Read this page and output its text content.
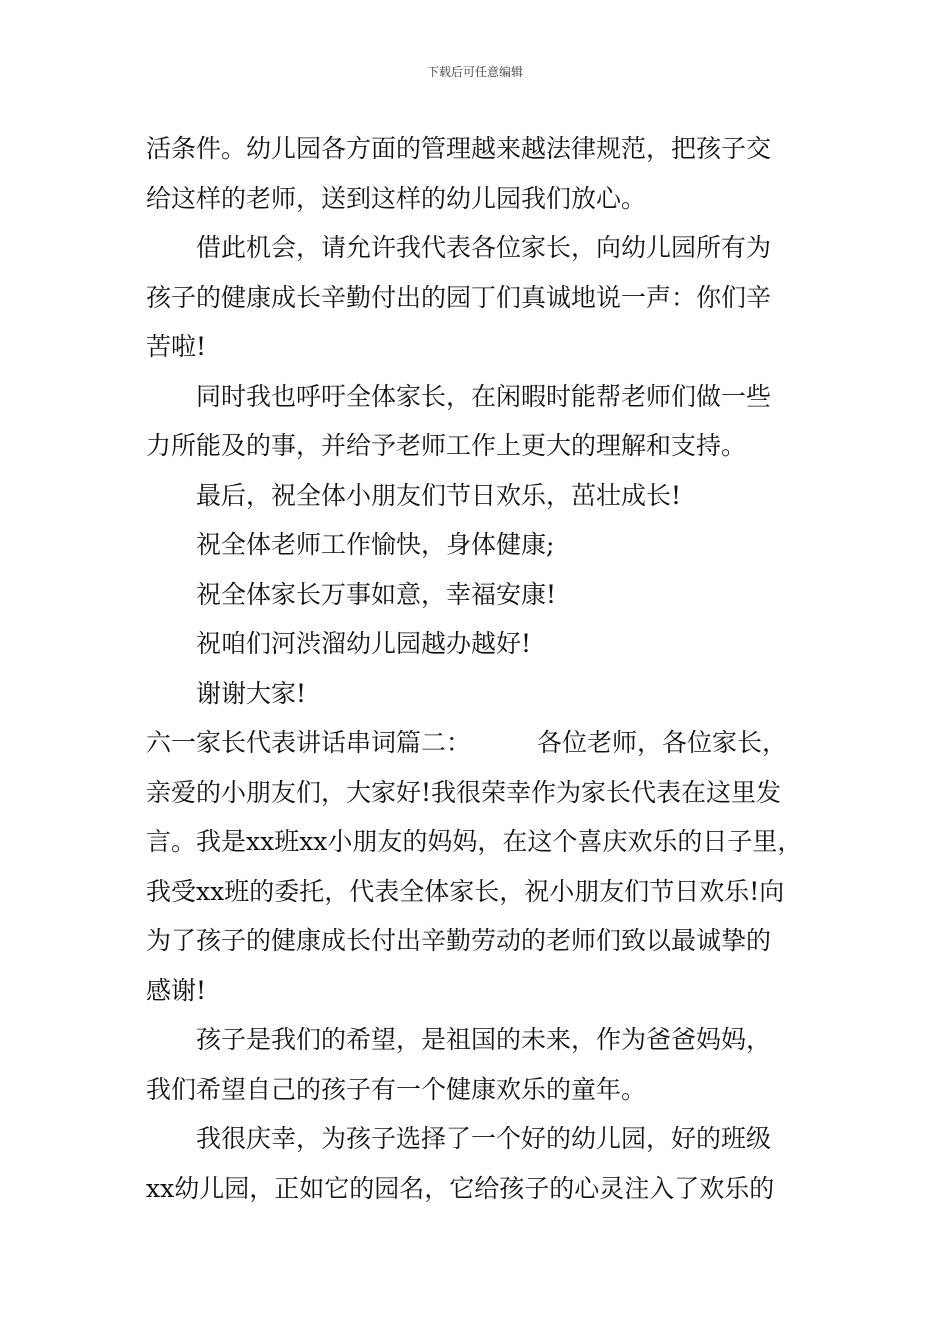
下载后可任意编辑
活条件。幼儿园各方面的管理越来越法律规范，把孩子交
给这样的老师，送到这样的幼儿园我们放心。
借此机会，请允许我代表各位家长，向幼儿园所有为
孩子的健康成长辛勤付出的园丁们真诚地说一声：你们辛
苦啦!
同时我也呼吁全体家长，在闲暇时能帮老师们做一些
力所能及的事，并给予老师工作上更大的理解和支持。
最后，祝全体小朋友们节日欢乐，茁壮成长!
祝全体老师工作愉快，身体健康;
祝全体家长万事如意，幸福安康!
祝咱们河渋溜幼儿园越办越好!
谢谢大家!
六一家长代表讲话串词篇二：	各位老师，各位家长，
亲爱的小朋友们，大家好!我很荣幸作为家长代表在这里发
言。我是xx班xx小朋友的妈妈，在这个喜庆欢乐的日子里，
我受xx班的委托，代表全体家长，祝小朋友们节日欢乐!向
为了孩子的健康成长付出辛勤劳动的老师们致以最诚挚的
感谢!
孩子是我们的希望，是祖国的未来，作为爸爸妈妈，
我们希望自己的孩子有一个健康欢乐的童年。
我很庆幸，为孩子选择了一个好的幼儿园，好的班级
xx幼儿园，正如它的园名，它给孩子的心灵注入了欢乐的
